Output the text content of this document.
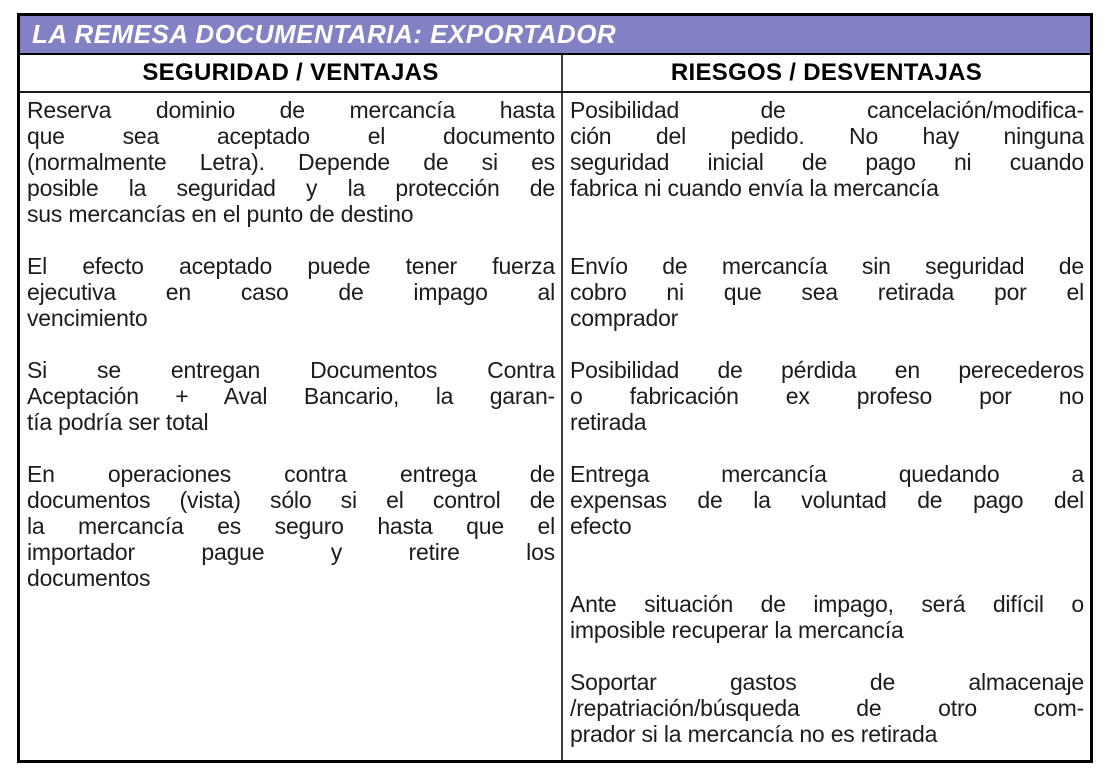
LA REMESA DOCUMENTARIA: EXPORTADOR
SEGURIDAD / VENTAJAS	RIESGOS / DESVENTAJAS
Reserva dominio de mercancía hasta
que sea aceptado el documento
(normalmente Letra). Depende de si es
posible la seguridad y la protección de
sus mercancías en el punto de destino
El efecto aceptado puede tener fuerza
ejecutiva en caso de impago al
vencimiento
Si se entregan Documentos Contra
Aceptación + Aval Bancario, la garan-
tía podría ser total
En operaciones contra entrega de
documentos (vista) sólo si el control de
la mercancía es seguro hasta que el
importador pague y retire los
documentos
Posibilidad de cancelación/modifica-
ción del pedido. No hay ninguna
seguridad inicial de pago ni cuando
fabrica ni cuando envía la mercancía
Envío de mercancía sin seguridad de
cobro ni que sea retirada por el
comprador
Posibilidad de pérdida en perecederos
o fabricación ex profeso por no
retirada
Entrega mercancía quedando a
expensas de la voluntad de pago del
efecto
Ante situación de impago, será difícil o
imposible recuperar la mercancía
Soportar gastos de almacenaje
/repatriación/búsqueda de otro com-
prador si la mercancía no es retirada
